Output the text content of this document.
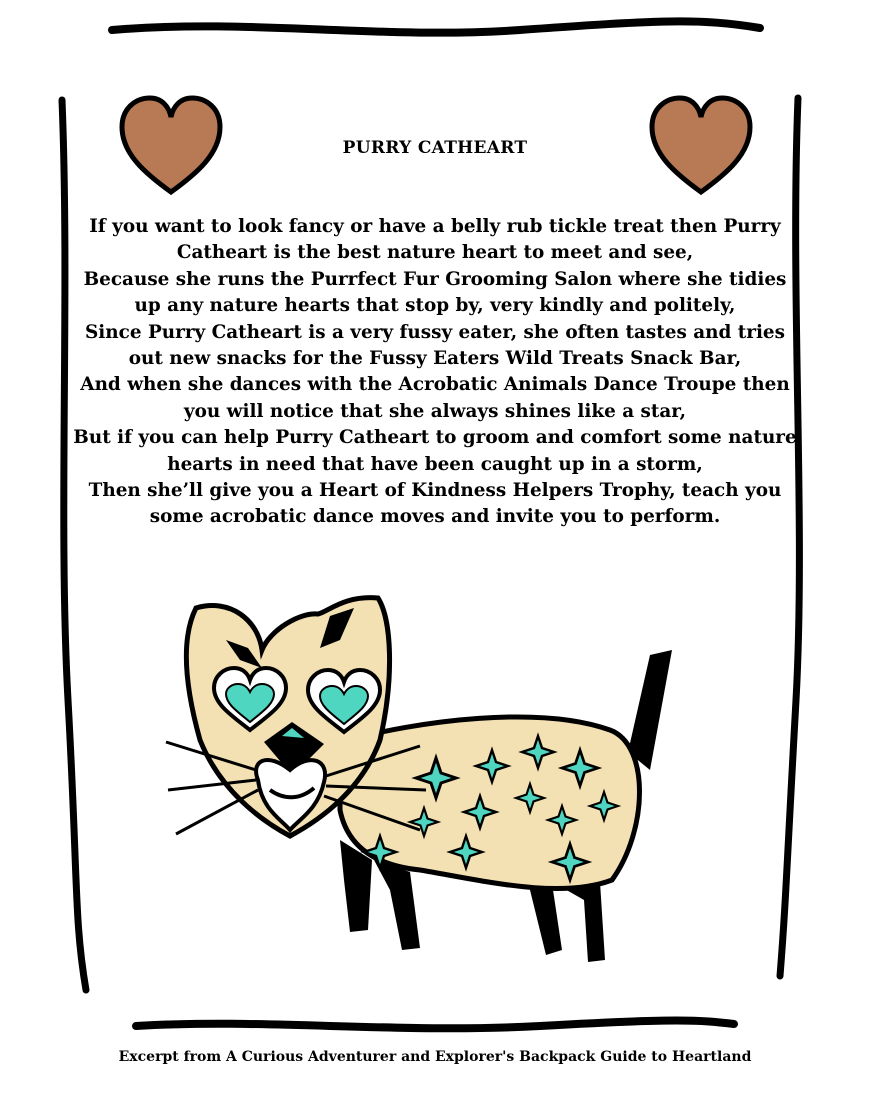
PURRY CATHEART

If you want to look fancy or have a belly rub tickle treat then Purry Catheart is the best nature heart to meet and see,

Because she runs the Purrfect Fur Grooming Salon where she tidies up any nature hearts that stop by, very kindly and politely,

Since Purry Catheart is a very fussy eater, she often tastes and tries out new snacks for the Fussy Eaters Wild Treats Snack Bar,

And when she dances with the Acrobatic Animals Dance Troupe then you will notice that she always shines like a star,

But if you can help Purry Catheart to groom and comfort some nature hearts in need that have been caught up in a storm,

Then she’ll give you a Heart of Kindness Helpers Trophy, teach you some acrobatic dance moves and invite you to perform.

Excerpt from A Curious Adventurer and Explorer's Backpack Guide to Heartland
